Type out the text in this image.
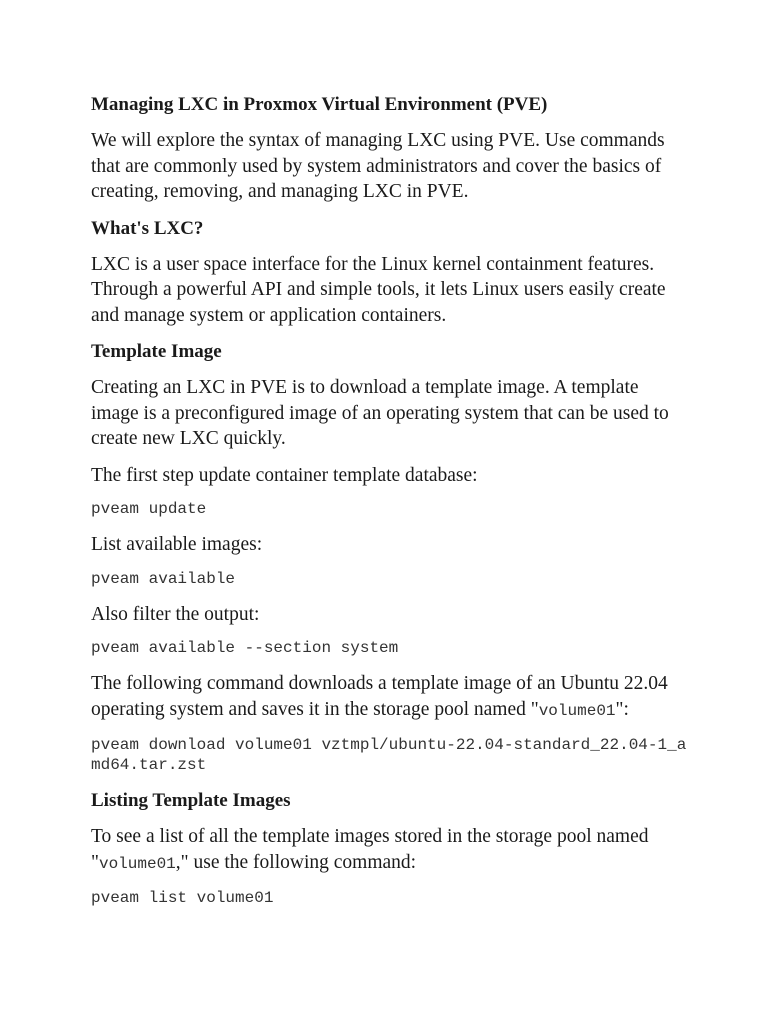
Managing LXC in Proxmox Virtual Environment (PVE)

We will explore the syntax of managing LXC using PVE. Use commands that are commonly used by system administrators and cover the basics of creating, removing, and managing LXC in PVE.

What's LXC?

LXC is a user space interface for the Linux kernel containment features. Through a powerful API and simple tools, it lets Linux users easily create and manage system or application containers.

Template Image

Creating an LXC in PVE is to download a template image. A template image is a preconfigured image of an operating system that can be used to create new LXC quickly.

The first step update container template database:

pveam update

List available images:

pveam available

Also filter the output:

pveam available --section system

The following command downloads a template image of an Ubuntu 22.04 operating system and saves it in the storage pool named "volume01":

pveam download volume01 vztmpl/ubuntu-22.04-standard_22.04-1_amd64.tar.zst
Listing Template Images

To see a list of all the template images stored in the storage pool named "volume01," use the following command:

pveam list volume01
